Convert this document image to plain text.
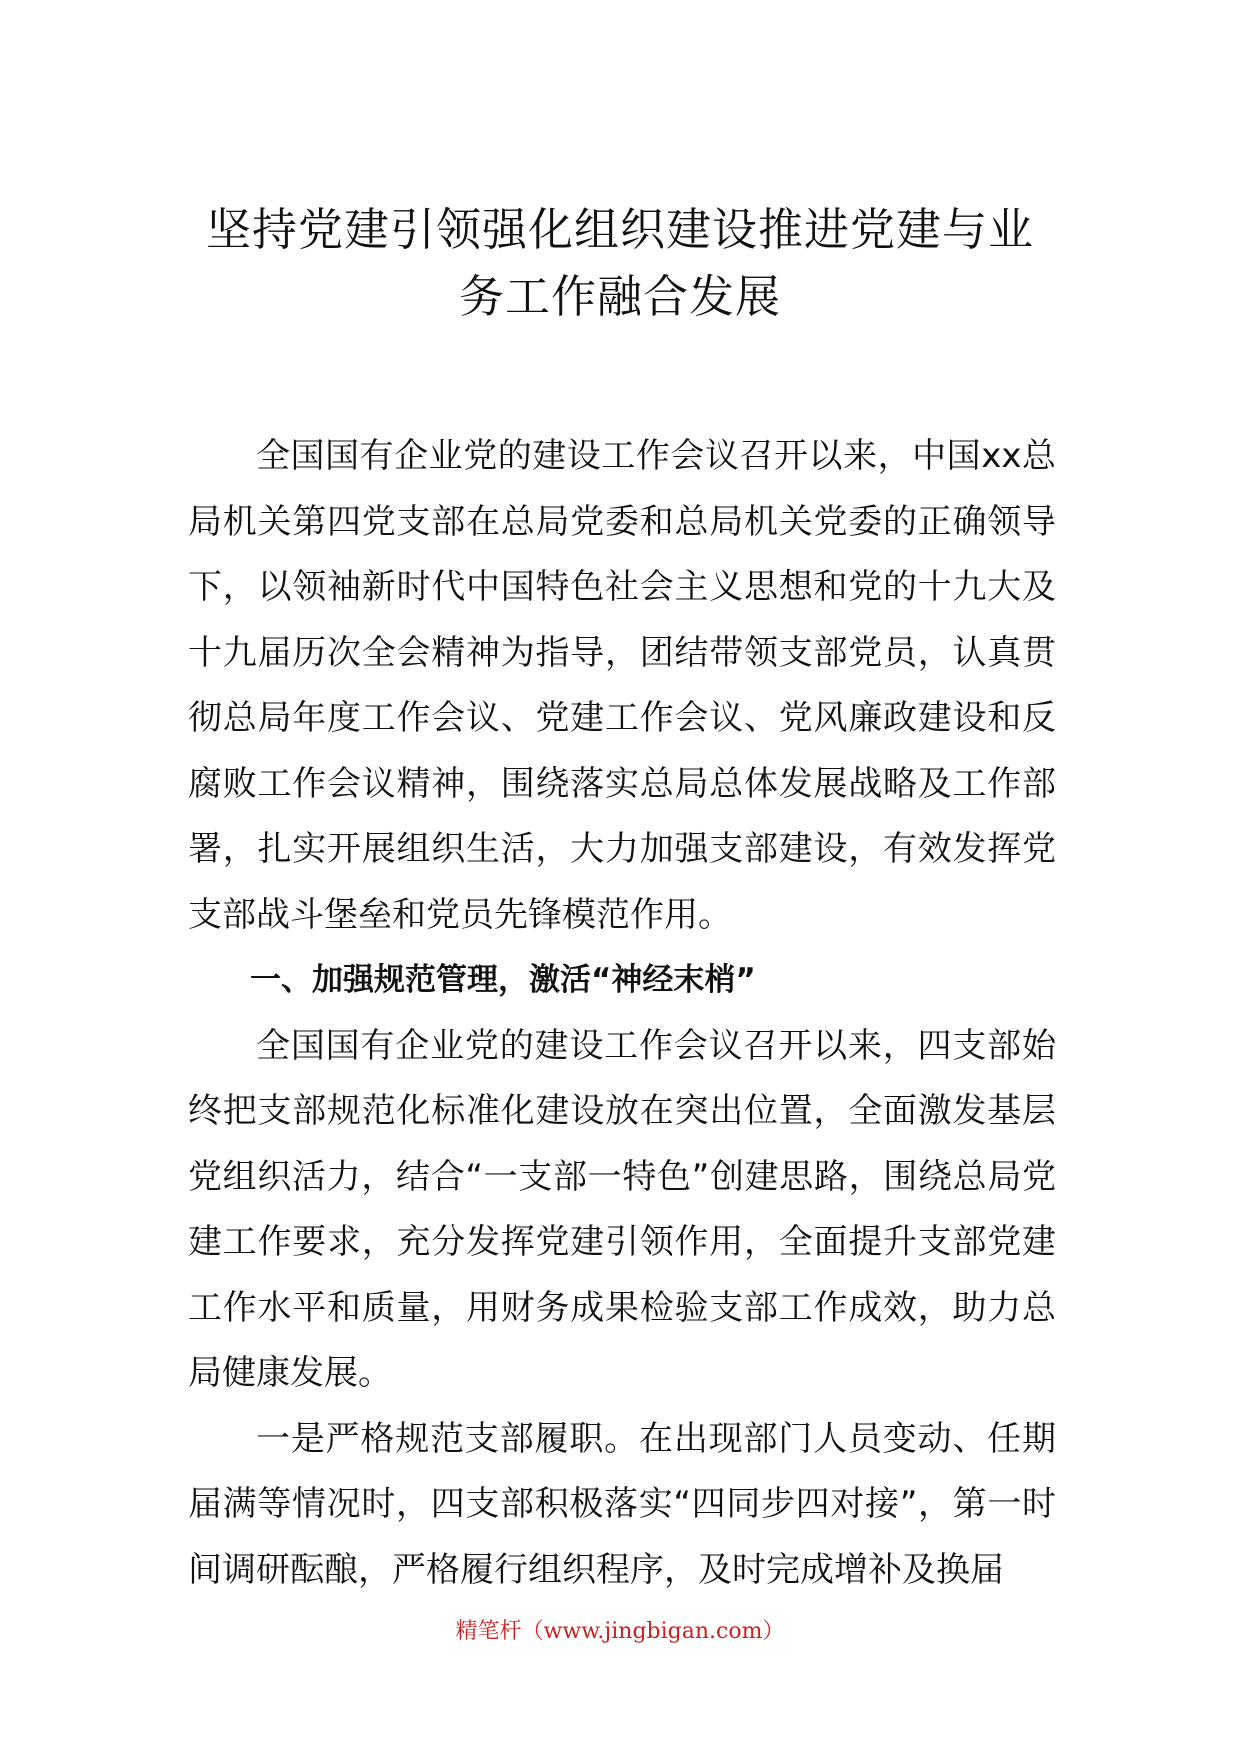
坚持党建引领强化组织建设推进党建与业务工作融合发展

全国国有企业党的建设工作会议召开以来，中国xx总局机关第四党支部在总局党委和总局机关党委的正确领导下，以领袖新时代中国特色社会主义思想和党的十九大及十九届历次全会精神为指导，团结带领支部党员，认真贯彻总局年度工作会议、党建工作会议、党风廉政建设和反腐败工作会议精神，围绕落实总局总体发展战略及工作部署，扎实开展组织生活，大力加强支部建设，有效发挥党支部战斗堡垒和党员先锋模范作用。

一、加强规范管理，激活“神经末梢”

全国国有企业党的建设工作会议召开以来，四支部始终把支部规范化标准化建设放在突出位置，全面激发基层党组织活力，结合“一支部一特色”创建思路，围绕总局党建工作要求，充分发挥党建引领作用，全面提升支部党建工作水平和质量，用财务成果检验支部工作成效，助力总局健康发展。

一是严格规范支部履职。在出现部门人员变动、任期届满等情况时，四支部积极落实“四同步四对接”，第一时间调研酝酿，严格履行组织程序，及时完成增补及换届

精笔杆（www.jingbigan.com）
